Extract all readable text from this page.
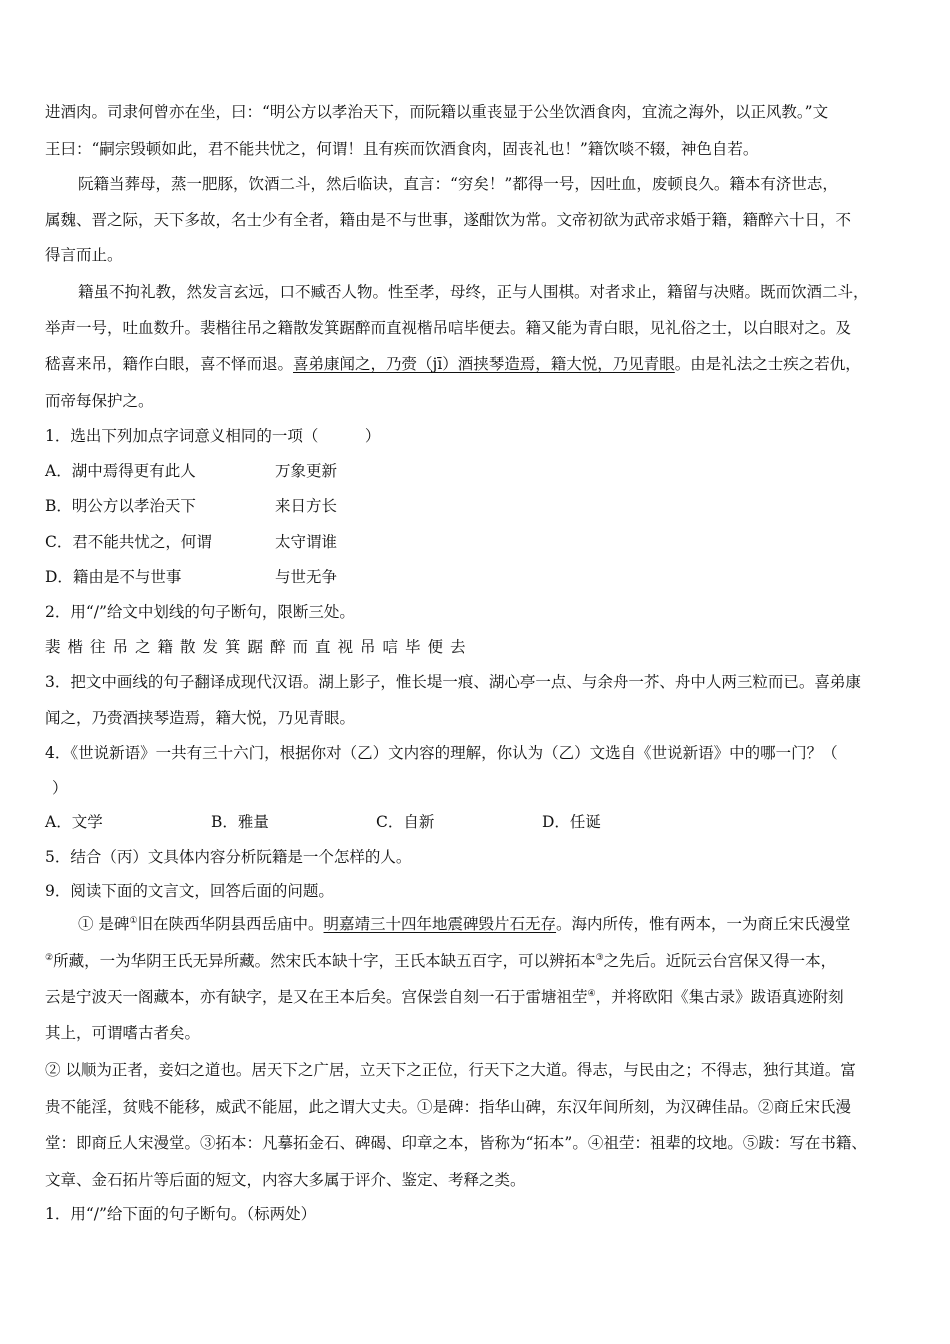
进酒肉。司隶何曾亦在坐，曰：“明公方以孝治天下，而阮籍以重丧显于公坐饮酒食肉，宜流之海外，以正风教。”文
王曰：“嗣宗毁顿如此，君不能共忧之，何谓！且有疾而饮酒食肉，固丧礼也！”籍饮啖不辍，神色自若。
阮籍当葬母，蒸一肥豚，饮酒二斗，然后临诀，直言：“穷矣！”都得一号，因吐血，废顿良久。籍本有济世志，
属魏、晋之际，天下多故，名士少有全者，籍由是不与世事，遂酣饮为常。文帝初欲为武帝求婚于籍，籍醉六十日，不
得言而止。
籍虽不拘礼教，然发言玄远，口不臧否人物。性至孝，母终，正与人围棋。对者求止，籍留与决赌。既而饮酒二斗，
举声一号，吐血数升。裴楷往吊之籍散发箕踞醉而直视楷吊唁毕便去。籍又能为青白眼，见礼俗之士，以白眼对之。及
嵇喜来吊，籍作白眼，喜不怿而退。喜弟康闻之，乃赍（jī）酒挟琴造焉，籍大悦，乃见青眼。由是礼法之士疾之若仇，
而帝每保护之。
1．选出下列加点字词意义相同的一项（　　　）
A．湖中焉得更有此人	万象更新
B．明公方以孝治天下	来日方长
C．君不能共忧之，何谓	太守谓谁
D．籍由是不与世事	与世无争
2．用“/”给文中划线的句子断句，限断三处。
裴楷往吊之籍散发箕踞醉而直视吊唁毕便去
3．把文中画线的句子翻译成现代汉语。湖上影子，惟长堤一痕、湖心亭一点、与余舟一芥、舟中人两三粒而已。喜弟康
闻之，乃赍酒挟琴造焉，籍大悦，乃见青眼。
4．《世说新语》一共有三十六门，根据你对（乙）文内容的理解，你认为（乙）文选自《世说新语》中的哪一门？（
）
A．文学	B．雅量	C．自新	D．任诞
5．结合（丙）文具体内容分析阮籍是一个怎样的人。
9．阅读下面的文言文，回答后面的问题。
① 是碑①旧在陕西华阴县西岳庙中。明嘉靖三十四年地震碑毁片石无存。海内所传，惟有两本，一为商丘宋氏漫堂
②所藏，一为华阴王氏无异所藏。然宋氏本缺十字，王氏本缺五百字，可以辨拓本③之先后。近阮云台宫保又得一本，
云是宁波天一阁藏本，亦有缺字，是又在王本后矣。宫保尝自刻一石于雷塘祖茔④，并将欧阳《集古录》跋语真迹附刻
其上，可谓嗜古者矣。
② 以顺为正者，妾妇之道也。居天下之广居，立天下之正位，行天下之大道。得志，与民由之；不得志，独行其道。富
贵不能淫，贫贱不能移，威武不能屈，此之谓大丈夫。①是碑：指华山碑，东汉年间所刻，为汉碑佳品。②商丘宋氏漫
堂：即商丘人宋漫堂。③拓本：凡摹拓金石、碑碣、印章之本，皆称为“拓本”。④祖茔：祖辈的坟地。⑤跋：写在书籍、
文章、金石拓片等后面的短文，内容大多属于评介、鉴定、考释之类。
1．用“/”给下面的句子断句。（标两处）
